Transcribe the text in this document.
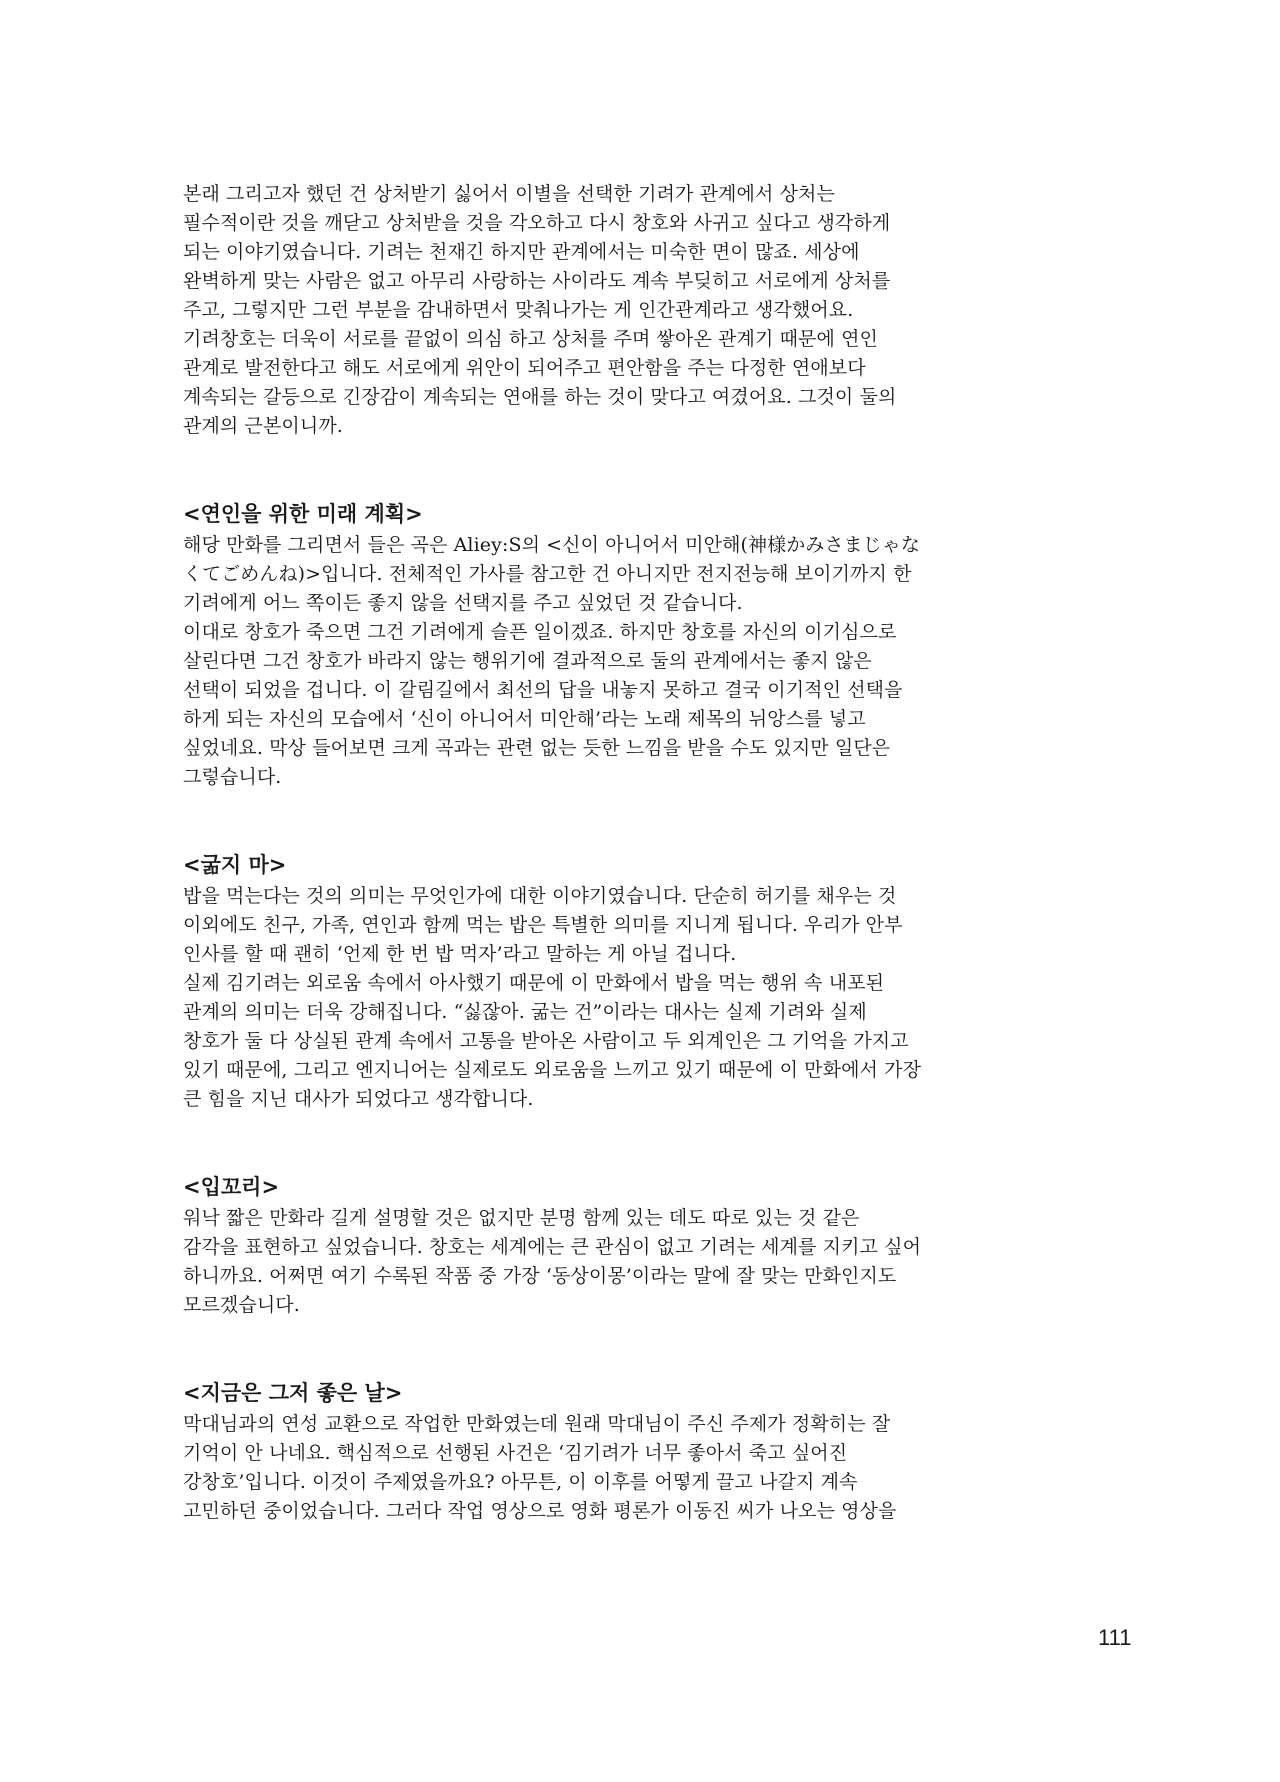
본래 그리고자 했던 건 상처받기 싫어서 이별을 선택한 기려가 관계에서 상처는
필수적이란 것을 깨닫고 상처받을 것을 각오하고 다시 창호와 사귀고 싶다고 생각하게
되는 이야기였습니다. 기려는 천재긴 하지만 관계에서는 미숙한 면이 많죠. 세상에
완벽하게 맞는 사람은 없고 아무리 사랑하는 사이라도 계속 부딪히고 서로에게 상처를
주고, 그렇지만 그런 부분을 감내하면서 맞춰나가는 게 인간관계라고 생각했어요.
기려창호는 더욱이 서로를 끝없이 의심 하고 상처를 주며 쌓아온 관계기 때문에 연인
관계로 발전한다고 해도 서로에게 위안이 되어주고 편안함을 주는 다정한 연애보다
계속되는 갈등으로 긴장감이 계속되는 연애를 하는 것이 맞다고 여겼어요. 그것이 둘의
관계의 근본이니까.

<연인을 위한 미래 계획>

해당 만화를 그리면서 들은 곡은 Aliey:S의 <신이 아니어서 미안해(神様かみさまじゃな
くてごめんね)>입니다. 전체적인 가사를 참고한 건 아니지만 전지전능해 보이기까지 한
기려에게 어느 쪽이든 좋지 않을 선택지를 주고 싶었던 것 같습니다.

이대로 창호가 죽으면 그건 기려에게 슬픈 일이겠죠. 하지만 창호를 자신의 이기심으로
살린다면 그건 창호가 바라지 않는 행위기에 결과적으로 둘의 관계에서는 좋지 않은
선택이 되었을 겁니다. 이 갈림길에서 최선의 답을 내놓지 못하고 결국 이기적인 선택을
하게 되는 자신의 모습에서 ‘신이 아니어서 미안해’라는 노래 제목의 뉘앙스를 넣고
싶었네요. 막상 들어보면 크게 곡과는 관련 없는 듯한 느낌을 받을 수도 있지만 일단은
그렇습니다.

<굶지 마>

밥을 먹는다는 것의 의미는 무엇인가에 대한 이야기였습니다. 단순히 허기를 채우는 것
이외에도 친구, 가족, 연인과 함께 먹는 밥은 특별한 의미를 지니게 됩니다. 우리가 안부
인사를 할 때 괜히 ‘언제 한 번 밥 먹자’라고 말하는 게 아닐 겁니다.

실제 김기려는 외로움 속에서 아사했기 때문에 이 만화에서 밥을 먹는 행위 속 내포된
관계의 의미는 더욱 강해집니다. “싫잖아. 굶는 건”이라는 대사는 실제 기려와 실제
창호가 둘 다 상실된 관계 속에서 고통을 받아온 사람이고 두 외계인은 그 기억을 가지고
있기 때문에, 그리고 엔지니어는 실제로도 외로움을 느끼고 있기 때문에 이 만화에서 가장
큰 힘을 지닌 대사가 되었다고 생각합니다.

<입꼬리>

워낙 짧은 만화라 길게 설명할 것은 없지만 분명 함께 있는 데도 따로 있는 것 같은
감각을 표현하고 싶었습니다. 창호는 세계에는 큰 관심이 없고 기려는 세계를 지키고 싶어
하니까요. 어쩌면 여기 수록된 작품 중 가장 ‘동상이몽’이라는 말에 잘 맞는 만화인지도
모르겠습니다.

<지금은 그저 좋은 날>

막대님과의 연성 교환으로 작업한 만화였는데 원래 막대님이 주신 주제가 정확히는 잘
기억이 안 나네요. 핵심적으로 선행된 사건은 ‘김기려가 너무 좋아서 죽고 싶어진
강창호’입니다. 이것이 주제였을까요? 아무튼, 이 이후를 어떻게 끌고 나갈지 계속
고민하던 중이었습니다. 그러다 작업 영상으로 영화 평론가 이동진 씨가 나오는 영상을

111
